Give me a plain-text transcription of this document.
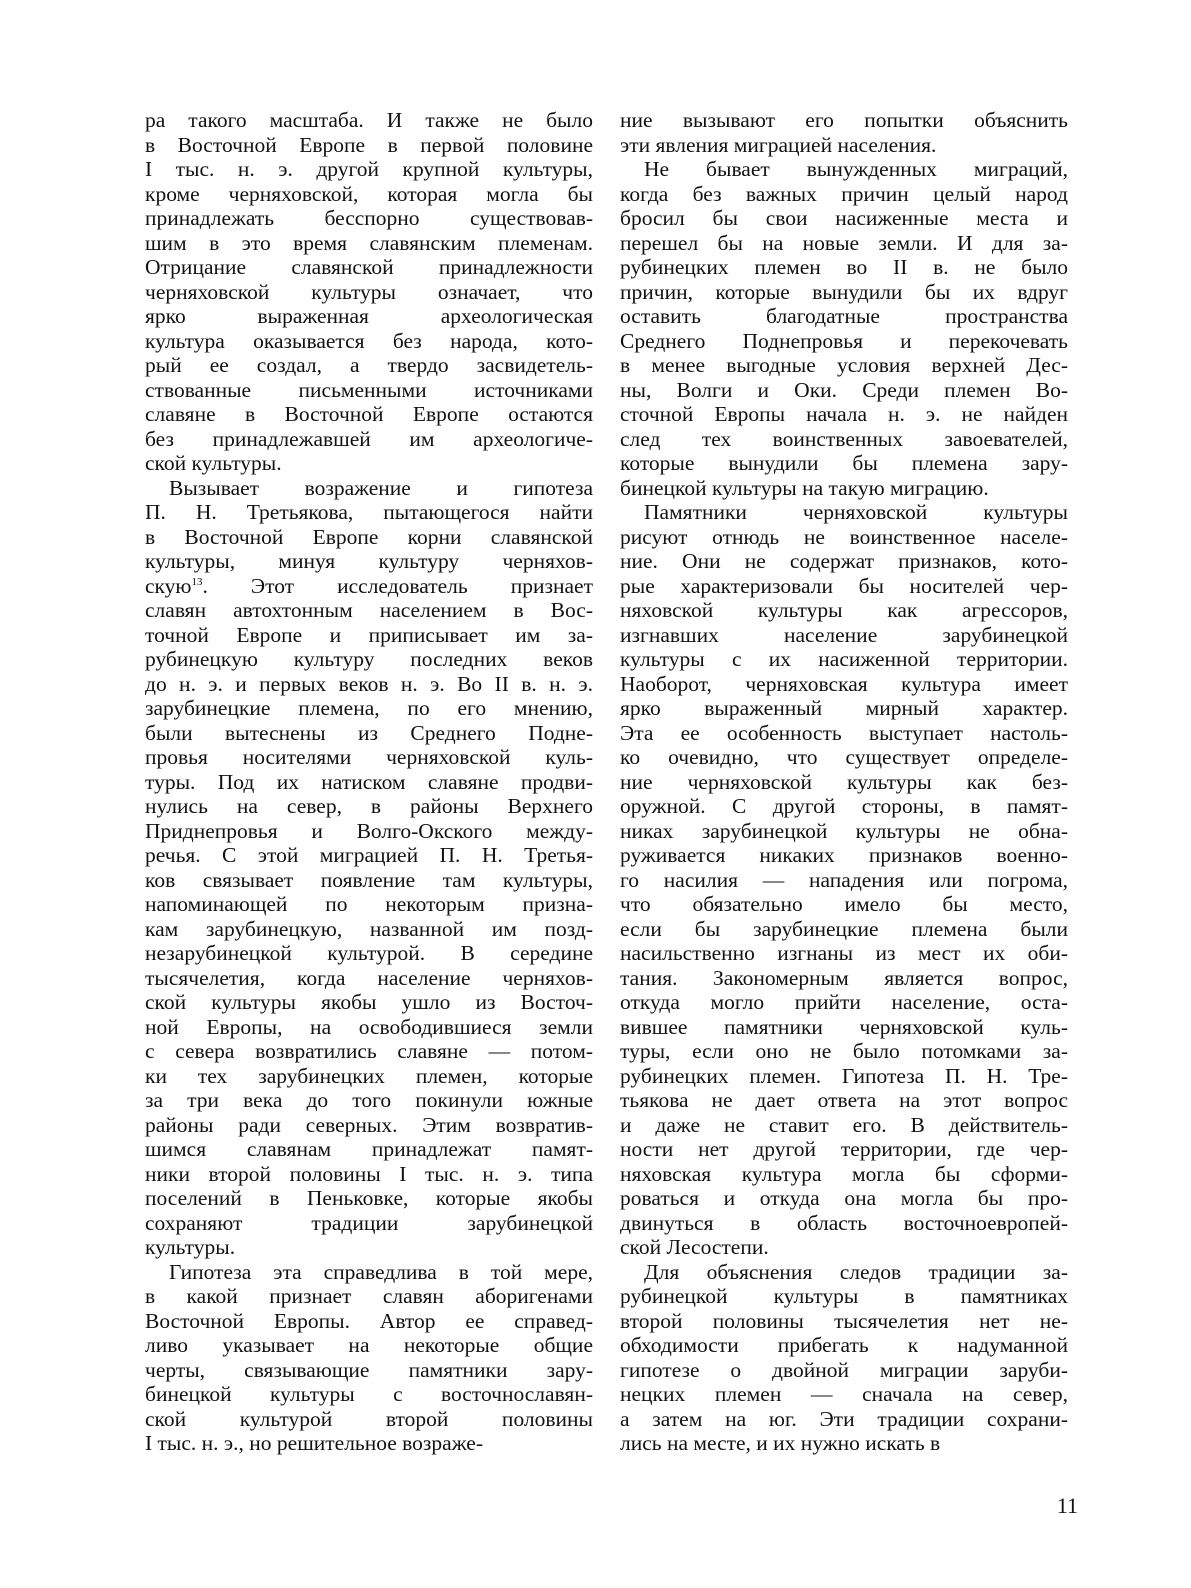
ра такого масштаба. И также не было
в Восточной Европе в первой половине
I тыс. н. э. другой крупной культуры,
кроме черняховской, которая могла бы
принадлежать бесспорно существовав-
шим в это время славянским племенам.
Отрицание славянской принадлежности
черняховской культуры означает, что
ярко выраженная археологическая
культура оказывается без народа, кото-
рый ее создал, а твердо засвидетель-
ствованные письменными источниками
славяне в Восточной Европе остаются
без принадлежавшей им археологиче-
ской культуры.
Вызывает возражение и гипотеза
П. Н. Третьякова, пытающегося найти
в Восточной Европе корни славянской
культуры, минуя культуру черняхов-
скую$^{13}$. Этот исследователь признает
славян автохтонным населением в Вос-
точной Европе и приписывает им за-
рубинецкую культуру последних веков
до н. э. и первых веков н. э. Во II в. н. э.
зарубинецкие племена, по его мнению,
были вытеснены из Среднего Подне-
провья носителями черняховской куль-
туры. Под их натиском славяне продви-
нулись на север, в районы Верхнего
Приднепровья и Волго-Окского между-
речья. С этой миграцией П. Н. Третья-
ков связывает появление там культуры,
напоминающей по некоторым призна-
кам зарубинецкую, названной им позд-
незарубинецкой культурой. В середине
тысячелетия, когда население черняхов-
ской культуры якобы ушло из Восточ-
ной Европы, на освободившиеся земли
с севера возвратились славяне — потом-
ки тех зарубинецких племен, которые
за три века до того покинули южные
районы ради северных. Этим возвратив-
шимся славянам принадлежат памят-
ники второй половины I тыс. н. э. типа
поселений в Пеньковке, которые якобы
сохраняют традиции зарубинецкой
культуры.
Гипотеза эта справедлива в той мере,
в какой признает славян аборигенами
Восточной Европы. Автор ее справед-
ливо указывает на некоторые общие
черты, связывающие памятники зару-
бинецкой культуры с восточнославян-
ской культурой второй половины
I тыс. н. э., но решительное возраже-
ние вызывают его попытки объяснить
эти явления миграцией населения.
Не бывает вынужденных миграций,
когда без важных причин целый народ
бросил бы свои насиженные места и
перешел бы на новые земли. И для за-
рубинецких племен во II в. не было
причин, которые вынудили бы их вдруг
оставить благодатные пространства
Среднего Поднепровья и перекочевать
в менее выгодные условия верхней Дес-
ны, Волги и Оки. Среди племен Во-
сточной Европы начала н. э. не найден
след тех воинственных завоевателей,
которые вынудили бы племена зару-
бинецкой культуры на такую миграцию.
Памятники черняховской культуры
рисуют отнюдь не воинственное населе-
ние. Они не содержат признаков, кото-
рые характеризовали бы носителей чер-
няховской культуры как агрессоров,
изгнавших население зарубинецкой
культуры с их насиженной территории.
Наоборот, черняховская культура имеет
ярко выраженный мирный характер.
Эта ее особенность выступает настоль-
ко очевидно, что существует определе-
ние черняховской культуры как без-
оружной. С другой стороны, в памят-
никах зарубинецкой культуры не обна-
руживается никаких признаков военно-
го насилия — нападения или погрома,
что обязательно имело бы место,
если бы зарубинецкие племена были
насильственно изгнаны из мест их оби-
тания. Закономерным является вопрос,
откуда могло прийти население, оста-
вившее памятники черняховской куль-
туры, если оно не было потомками за-
рубинецких племен. Гипотеза П. Н. Тре-
тьякова не дает ответа на этот вопрос
и даже не ставит его. В действитель-
ности нет другой территории, где чер-
няховская культура могла бы сформи-
роваться и откуда она могла бы про-
двинуться в область восточноевропей-
ской Лесостепи.
Для объяснения следов традиции за-
рубинецкой культуры в памятниках
второй половины тысячелетия нет не-
обходимости прибегать к надуманной
гипотезе о двойной миграции заруби-
нецких племен — сначала на север,
а затем на юг. Эти традиции сохрани-
лись на месте, и их нужно искать в
11
